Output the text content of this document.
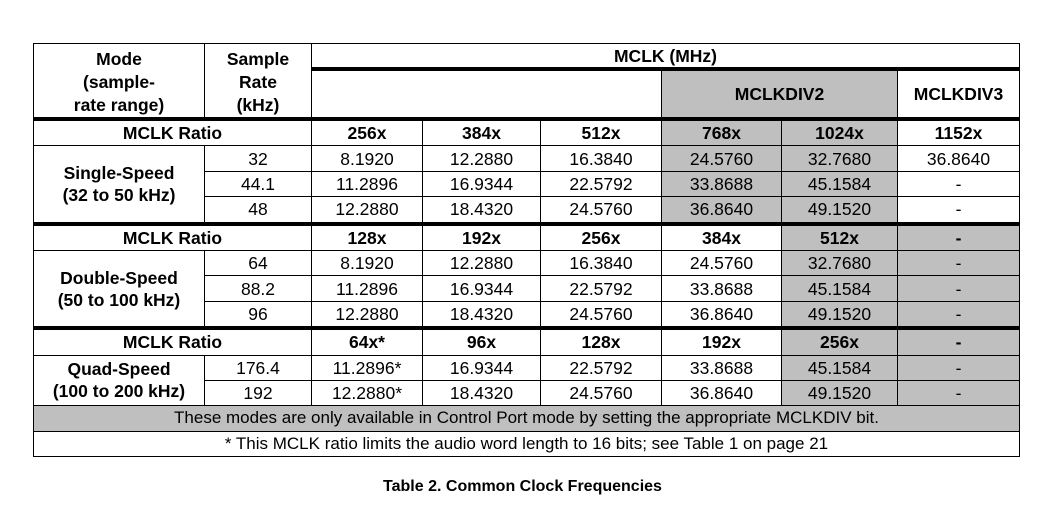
Mode
(sample-
rate range)	Sample
Rate
(kHz)	MCLK (MHz)					
					MCLKDIV2		MCLKDIV3
MCLK Ratio		256x	384x	512x	768x	1024x	1152x
Single-Speed
(32 to 50 kHz)	32	8.1920	12.2880	16.3840	24.5760	32.7680	36.8640
	44.1	11.2896	16.9344	22.5792	33.8688	45.1584	-
	48	12.2880	18.4320	24.5760	36.8640	49.1520	-
MCLK Ratio		128x	192x	256x	384x	512x	-
Double-Speed
(50 to 100 kHz)	64	8.1920	12.2880	16.3840	24.5760	32.7680	-
	88.2	11.2896	16.9344	22.5792	33.8688	45.1584	-
	96	12.2880	18.4320	24.5760	36.8640	49.1520	-
MCLK Ratio		64x*	96x	128x	192x	256x	-
Quad-Speed
(100 to 200 kHz)	176.4	11.2896*	16.9344	22.5792	33.8688	45.1584	-
	192	12.2880*	18.4320	24.5760	36.8640	49.1520	-
These modes are only available in Control Port mode by setting the appropriate MCLKDIV bit.							
* This MCLK ratio limits the audio word length to 16 bits; see Table 1 on page 21							
Table 2. Common Clock Frequencies
